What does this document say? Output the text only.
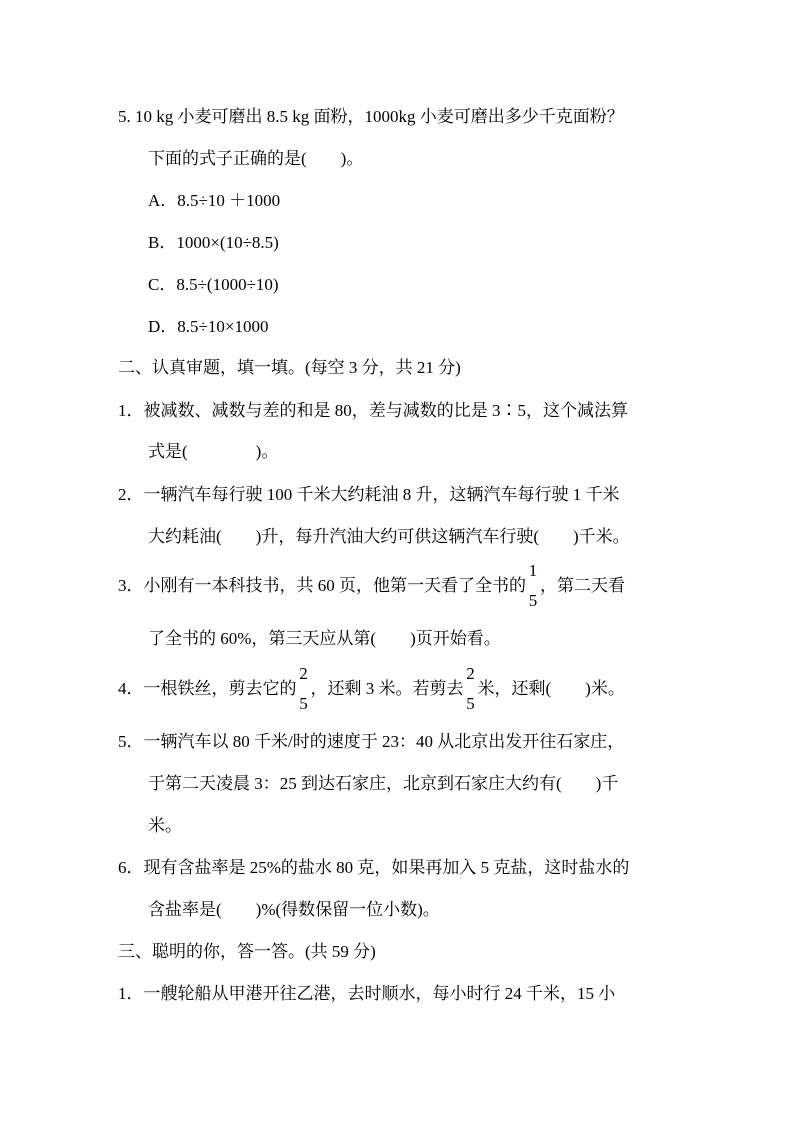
5. 10 kg 小麦可磨出 8.5 kg 面粉，1000kg 小麦可磨出多少千克面粉？
下面的式子正确的是(　　)。
A．8.5÷10 ＋1000
B．1000×(10÷8.5)
C．8.5÷(1000÷10)
D．8.5÷10×1000
二、认真审题，填一填。(每空 3 分，共 21 分)
1．被减数、减数与差的和是 80，差与减数的比是 3∶5，这个减法算
式是(　　　　)。
2．一辆汽车每行驶 100 千米大约耗油 8 升，这辆汽车每行驶 1 千米
大约耗油(　　)升，每升汽油大约可供这辆汽车行驶(　　)千米。
3．小刚有一本科技书，共 60 页，他第一天看了全书的
1
5
，第二天看
了全书的 60%，第三天应从第(　　)页开始看。
4．一根铁丝，剪去它的
2
5
，还剩 3 米。若剪去
2
5
米，还剩(　　)米。
5．一辆汽车以 80 千米/时的速度于 23：40 从北京出发开往石家庄，
于第二天凌晨 3：25 到达石家庄，北京到石家庄大约有(　　)千
米。
6．现有含盐率是 25%的盐水 80 克，如果再加入 5 克盐，这时盐水的
含盐率是(　　)%(得数保留一位小数)。
三、聪明的你，答一答。(共 59 分)
1．一艘轮船从甲港开往乙港，去时顺水，每小时行 24 千米，15 小
